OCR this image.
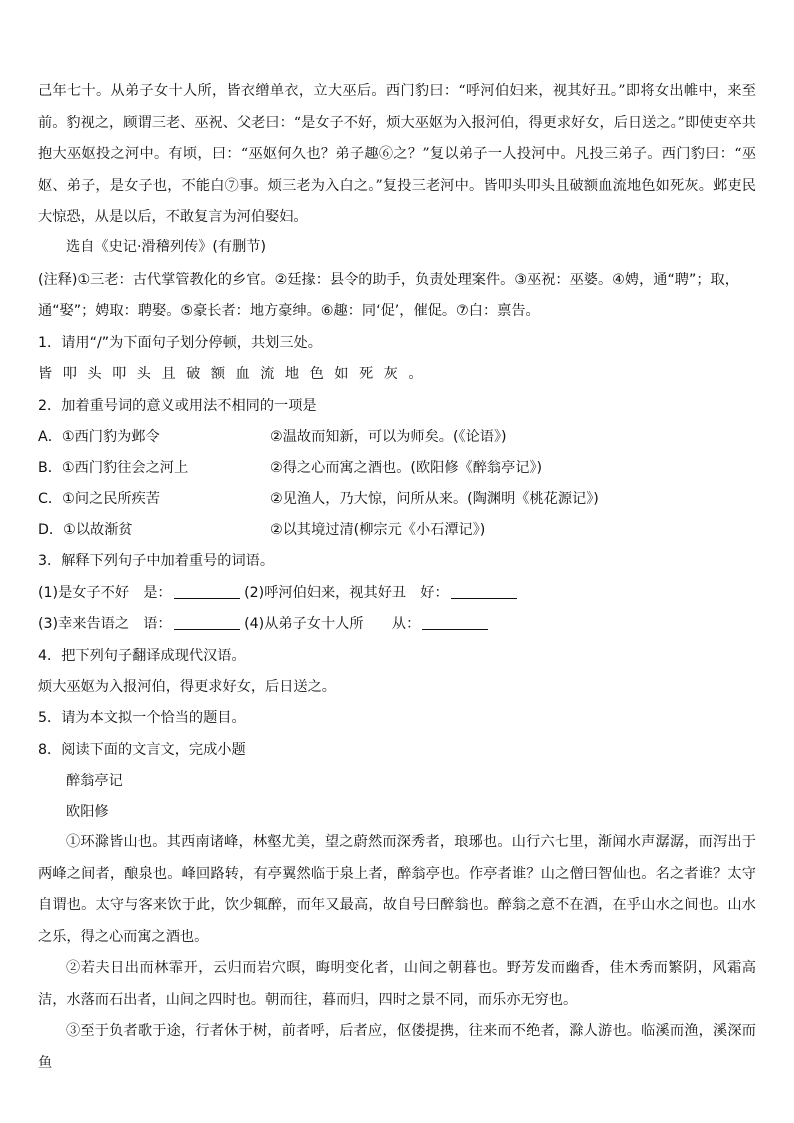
己年七十。从弟子女十人所，皆衣缯单衣，立大巫后。西门豹曰：“呼河伯妇来，视其好丑。”即将女出帷中，来至前。豹视之，顾谓三老、巫祝、父老曰：“是女子不好，烦大巫妪为入报河伯，得更求好女，后日送之。”即使吏卒共抱大巫妪投之河中。有顷，曰：“巫妪何久也？弟子趣⑥之？”复以弟子一人投河中。凡投三弟子。西门豹曰：“巫妪、弟子，是女子也，不能白⑦事。烦三老为入白之。”复投三老河中。皆叩头叩头且破额血流地色如死灰。邺吏民大惊恐，从是以后，不敢复言为河伯娶妇。
选自《史记·滑稽列传》(有删节)
(注释)①三老：古代掌管教化的乡官。②廷掾：县令的助手，负责处理案件。③巫祝：巫婆。④娉，通“聘”；取，
通“娶”；娉取：聘娶。⑤豪长者：地方豪绅。⑥趣：同‘促’，催促。⑦白：禀告。
1．请用“/”为下面句子划分停顿，共划三处。
皆叩头叩头且破额血流地色如死灰。
2．加着重号词的意义或用法不相同的一项是
A．①西门豹为邺令	②温故而知新，可以为师矣。(《论语》)
B．①西门豹往会之河上	②得之心而寓之酒也。(欧阳修《醉翁亭记》)
C．①问之民所疾苦	②见渔人，乃大惊，问所从来。(陶渊明《桃花源记》)
D．①以故渐贫	②以其境过清(柳宗元《小石潭记》)
3．解释下列句子中加着重号的词语。
(1)是女子不好　是：	(2)呼河伯妇来，视其好丑　好：
(3)幸来告语之　语：	(4)从弟子女十人所　　从：
4．把下列句子翻译成现代汉语。
烦大巫妪为入报河伯，得更求好女，后日送之。
5．请为本文拟一个恰当的题目。
8．阅读下面的文言文，完成小题
醉翁亭记
欧阳修
①环滁皆山也。其西南诸峰，林壑尤美，望之蔚然而深秀者，琅琊也。山行六七里，渐闻水声潺潺，而泻出于两峰之间者，酿泉也。峰回路转，有亭翼然临于泉上者，醉翁亭也。作亭者谁？山之僧曰智仙也。名之者谁？太守自谓也。太守与客来饮于此，饮少辄醉，而年又最高，故自号曰醉翁也。醉翁之意不在酒，在乎山水之间也。山水之乐，得之心而寓之酒也。
②若夫日出而林霏开，云归而岩穴暝，晦明变化者，山间之朝暮也。野芳发而幽香，佳木秀而繁阴，风霜高洁，水落而石出者，山间之四时也。朝而往，暮而归，四时之景不同，而乐亦无穷也。
③至于负者歌于途，行者休于树，前者呼，后者应，伛偻提携，往来而不绝者，滁人游也。临溪而渔，溪深而鱼
